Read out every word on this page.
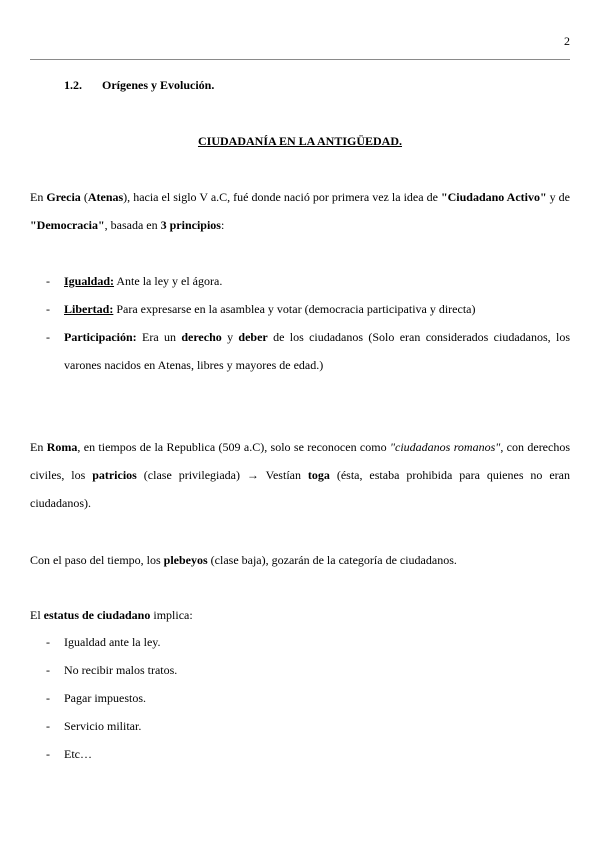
2
1.2. Orígenes y Evolución.
CIUDADANÍA EN LA ANTIGÜEDAD.

En Grecia (Atenas), hacia el siglo V a.C, fué donde nació por primera vez la idea de "Ciudadano Activo" y de "Democracia", basada en 3 principios:

- Igualdad: Ante la ley y el ágora.
- Libertad: Para expresarse en la asamblea y votar (democracia participativa y directa)
- Participación: Era un derecho y deber de los ciudadanos (Solo eran considerados ciudadanos, los varones nacidos en Atenas, libres y mayores de edad.)

En Roma, en tiempos de la Republica (509 a.C), solo se reconocen como "ciudadanos romanos", con derechos civiles, los patricios (clase privilegiada) → Vestían toga (ésta, estaba prohibida para quienes no eran ciudadanos).

Con el paso del tiempo, los plebeyos (clase baja), gozarán de la categoría de ciudadanos.

El estatus de ciudadano implica:

- Igualdad ante la ley.
- No recibir malos tratos.
- Pagar impuestos.
- Servicio militar.
- Etc…
